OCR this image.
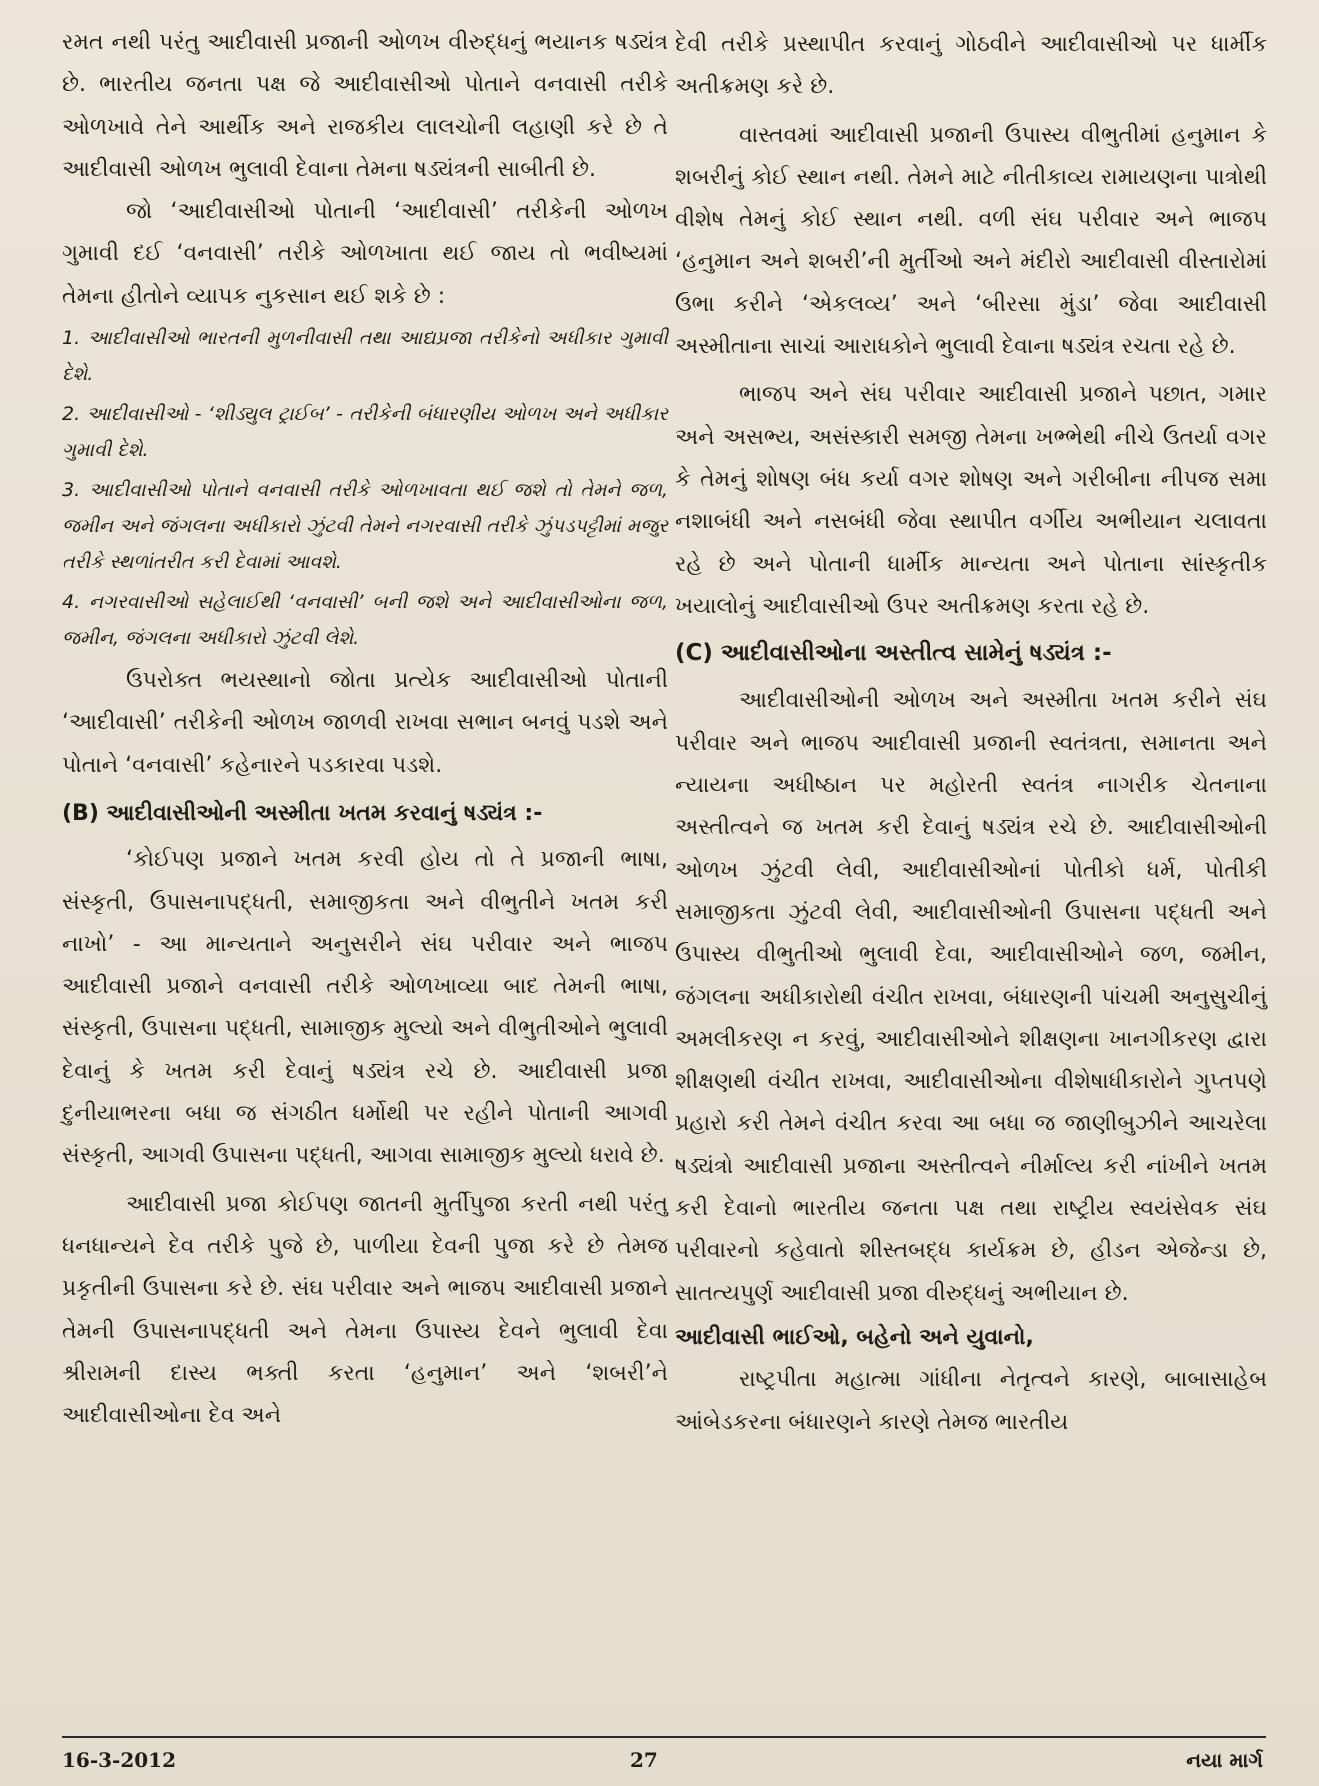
રમત નથી પરંતુ આદીવાસી પ્રજાની ઓળખ વીરુદ્ધનું ભયાનક ષડ્યંત્ર છે. ભારતીય જનતા પક્ષ જે આદીવાસીઓ પોતાને વનવાસી તરીકે ઓળખાવે તેને આર્થીક અને રાજકીય લાલચોની લહાણી કરે છે તે આદીવાસી ઓળખ ભુલાવી દેવાના તેમના ષડ્યંત્રની સાબીતી છે.

જો ‘આદીવાસીઓ પોતાની ‘આદીવાસી’ તરીકેની ઓળખ ગુમાવી દઈ ‘વનવાસી’ તરીકે ઓળખાતા થઈ જાય તો ભવીષ્યમાં તેમના હીતોને વ્યાપક નુકસાન થઈ શકે છે :

1. આદીવાસીઓ ભારતની મુળનીવાસી તથા આદ્યપ્રજા તરીકેનો અધીકાર ગુમાવી દેશે.

2. આદીવાસીઓ - ‘શીડ્યુલ ટ્રાઈબ’ - તરીકેની બંધારણીય ઓળખ અને અધીકાર ગુમાવી દેશે.

3. આદીવાસીઓ પોતાને વનવાસી તરીકે ઓળખાવતા થઈ જશે તો તેમને જળ, જમીન અને જંગલના અધીકારો ઝુંટવી તેમને નગરવાસી તરીકે ઝુંપડપટ્ટીમાં મજુર તરીકે સ્થળાંતરીત કરી દેવામાં આવશે.

4. નગરવાસીઓ સહેલાઈથી ‘વનવાસી’ બની જશે અને આદીવાસીઓના જળ, જમીન, જંગલના અધીકારો ઝુંટવી લેશે.

ઉપરોક્ત ભયસ્થાનો જોતા પ્રત્યેક આદીવાસીઓ પોતાની ‘આદીવાસી’ તરીકેની ઓળખ જાળવી રાખવા સભાન બનવું પડશે અને પોતાને ‘વનવાસી’ કહેનારને પડકારવા પડશે.

(B) આદીવાસીઓની અસ્મીતા ખતમ કરવાનું ષડ્યંત્ર :-

‘કોઈપણ પ્રજાને ખતમ કરવી હોય તો તે પ્રજાની ભાષા, સંસ્કૃતી, ઉપાસનાપદ્ધતી, સમાજીકતા અને વીભુતીને ખતમ કરી નાખો’ - આ માન્યતાને અનુસરીને સંઘ પરીવાર અને ભાજપ આદીવાસી પ્રજાને વનવાસી તરીકે ઓળખાવ્યા બાદ તેમની ભાષા, સંસ્કૃતી, ઉપાસના પદ્ધતી, સામાજીક મુલ્યો અને વીભુતીઓને ભુલાવી દેવાનું કે ખતમ કરી દેવાનું ષડ્યંત્ર રચે છે. આદીવાસી પ્રજા દુનીયાભરના બધા જ સંગઠીત ધર્મોથી પર રહીને પોતાની આગવી સંસ્કૃતી, આગવી ઉપાસના પદ્ધતી, આગવા સામાજીક મુલ્યો ધરાવે છે.

આદીવાસી પ્રજા કોઈપણ જાતની મુર્તીપુજા કરતી નથી પરંતુ ધનધાન્યને દેવ તરીકે પુજે છે, પાળીયા દેવની પુજા કરે છે તેમજ પ્રકૃતીની ઉપાસના કરે છે. સંઘ પરીવાર અને ભાજપ આદીવાસી પ્રજાને તેમની ઉપાસનાપદ્ધતી અને તેમના ઉપાસ્ય દેવને ભુલાવી દેવા શ્રીરામની દાસ્ય ભક્તી કરતા ‘હનુમાન’ અને ‘શબરી’ને આદીવાસીઓના દેવ અને

દેવી તરીકે પ્રસ્થાપીત કરવાનું ગોઠવીને આદીવાસીઓ પર ધાર્મીક અતીક્રમણ કરે છે.

વાસ્તવમાં આદીવાસી પ્રજાની ઉપાસ્ય વીભુતીમાં હનુમાન કે શબરીનું કોઈ સ્થાન નથી. તેમને માટે નીતીકાવ્ય રામાયણના પાત્રોથી વીશેષ તેમનું કોઈ સ્થાન નથી. વળી સંઘ પરીવાર અને ભાજપ ‘હનુમાન અને શબરી’ની મુર્તીઓ અને મંદીરો આદીવાસી વીસ્તારોમાં ઉભા કરીને ‘એકલવ્ય’ અને ‘બીરસા મુંડા’ જેવા આદીવાસી અસ્મીતાના સાચાં આરાધકોને ભુલાવી દેવાના ષડ્યંત્ર રચતા રહે છે.

ભાજપ અને સંઘ પરીવાર આદીવાસી પ્રજાને પછાત, ગમાર અને અસભ્ય, અસંસ્કારી સમજી તેમના ખભ્ભેથી નીચે ઉતર્યા વગર કે તેમનું શોષણ બંધ કર્યા વગર શોષણ અને ગરીબીના નીપજ સમા નશાબંધી અને નસબંધી જેવા સ્થાપીત વર્ગીય અભીયાન ચલાવતા રહે છે અને પોતાની ધાર્મીક માન્યતા અને પોતાના સાંસ્કૃતીક ખયાલોનું આદીવાસીઓ ઉપર અતીક્રમણ કરતા રહે છે.

(C) આદીવાસીઓના અસ્તીત્વ સામેનું ષડ્યંત્ર :-

આદીવાસીઓની ઓળખ અને અસ્મીતા ખતમ કરીને સંઘ પરીવાર અને ભાજપ આદીવાસી પ્રજાની સ્વતંત્રતા, સમાનતા અને ન્યાયના અધીષ્ઠાન પર મહોરતી સ્વતંત્ર નાગરીક ચેતનાના અસ્તીત્વને જ ખતમ કરી દેવાનું ષડ્યંત્ર રચે છે. આદીવાસીઓની ઓળખ ઝુંટવી લેવી, આદીવાસીઓનાં પોતીકો ધર્મ, પોતીકી સમાજીકતા ઝુંટવી લેવી, આદીવાસીઓની ઉપાસના પદ્ધતી અને ઉપાસ્ય વીભુતીઓ ભુલાવી દેવા, આદીવાસીઓને જળ, જમીન, જંગલના અધીકારોથી વંચીત રાખવા, બંધારણની પાંચમી અનુસુચીનું અમલીકરણ ન કરવું, આદીવાસીઓને શીક્ષણના ખાનગીકરણ દ્વારા શીક્ષણથી વંચીત રાખવા, આદીવાસીઓના વીશેષાધીકારોને ગુપ્તપણે પ્રહારો કરી તેમને વંચીત કરવા આ બધા જ જાણીબુઝીને આચરેલા ષડ્યંત્રો આદીવાસી પ્રજાના અસ્તીત્વને નીર્માલ્ય કરી નાંખીને ખતમ કરી દેવાનો ભારતીય જનતા પક્ષ તથા રાષ્ટ્રીય સ્વયંસેવક સંઘ પરીવારનો કહેવાતો શીસ્તબદ્ધ કાર્યક્રમ છે, હીડન એજેન્ડા છે, સાતત્યપુર્ણ આદીવાસી પ્રજા વીરુદ્ધનું અભીયાન છે.

આદીવાસી ભાઈઓ, બહેનો અને યુવાનો,

રાષ્ટ્રપીતા મહાત્મા ગાંધીના નેતૃત્વને કારણે, બાબાસાહેબ આંબેડકરના બંધારણને કારણે તેમજ ભારતીય

16-3-2012	27	નયા માર્ગ
